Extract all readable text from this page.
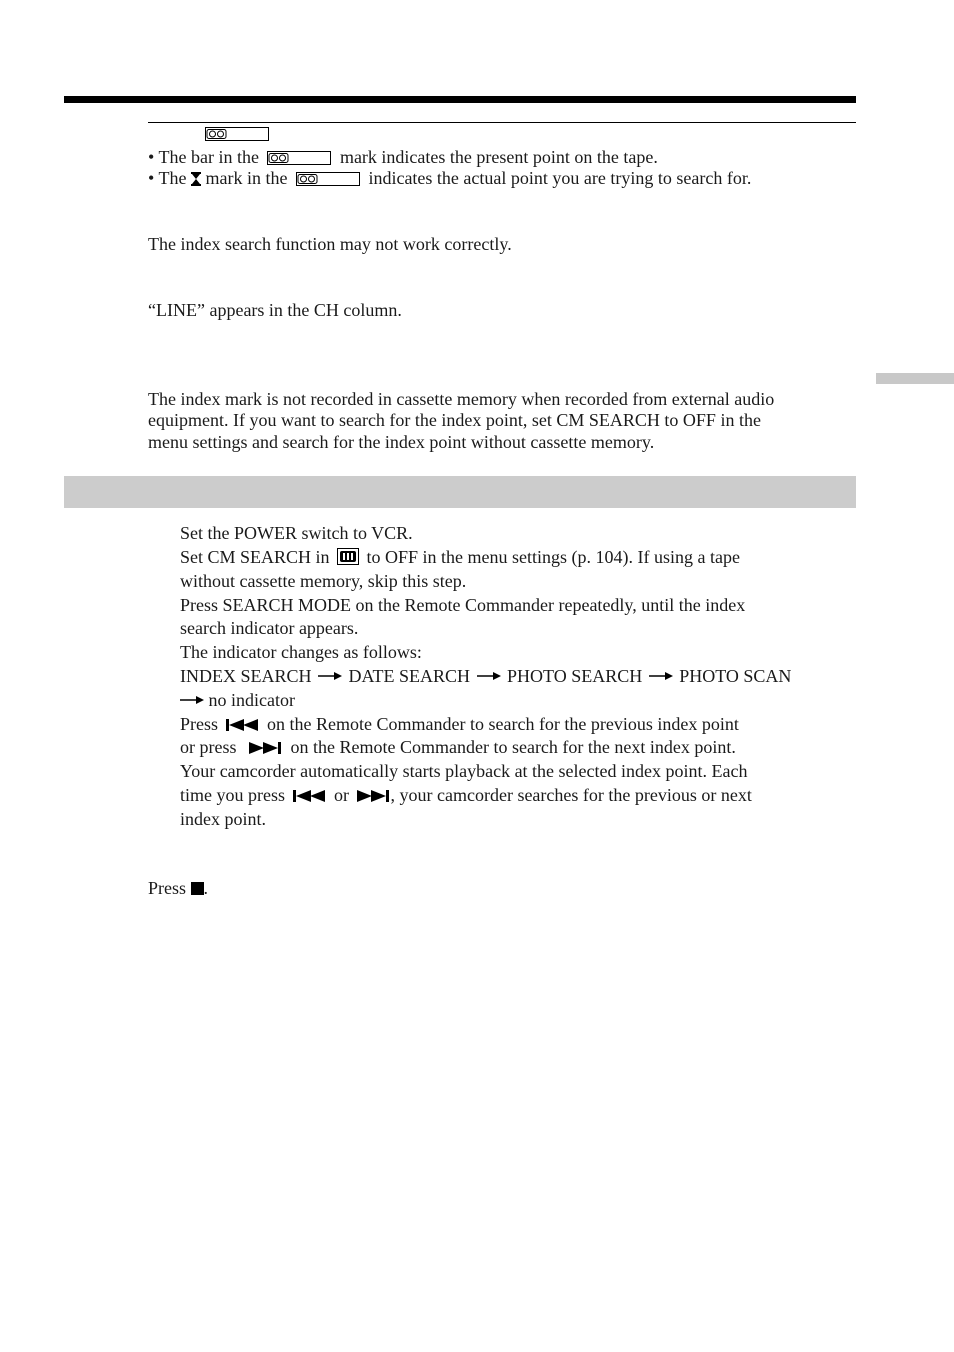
• The bar in the	mark indicates the present point on the tape.
• The mark in the	indicates the actual point you are trying to search for.
The index search function may not work correctly.
“LINE” appears in the CH column.
The index mark is not recorded in cassette memory when recorded from external audio
equipment. If you want to search for the index point, set CM SEARCH to OFF in the
menu settings and search for the index point without cassette memory.
Set the POWER switch to VCR.
Set CM SEARCH in to OFF in the menu settings (p. 104). If using a tape
without cassette memory, skip this step.
Press SEARCH MODE on the Remote Commander repeatedly, until the index
search indicator appears.
The indicator changes as follows:
INDEX SEARCH DATE SEARCH PHOTO SEARCH PHOTO SCAN
no indicator
Press	on the Remote Commander to search for the previous index point
or press	on the Remote Commander to search for the next index point.
Your camcorder automatically starts playback at the selected index point. Each
time you press	or , your camcorder searches for the previous or next
index point.
Press .
